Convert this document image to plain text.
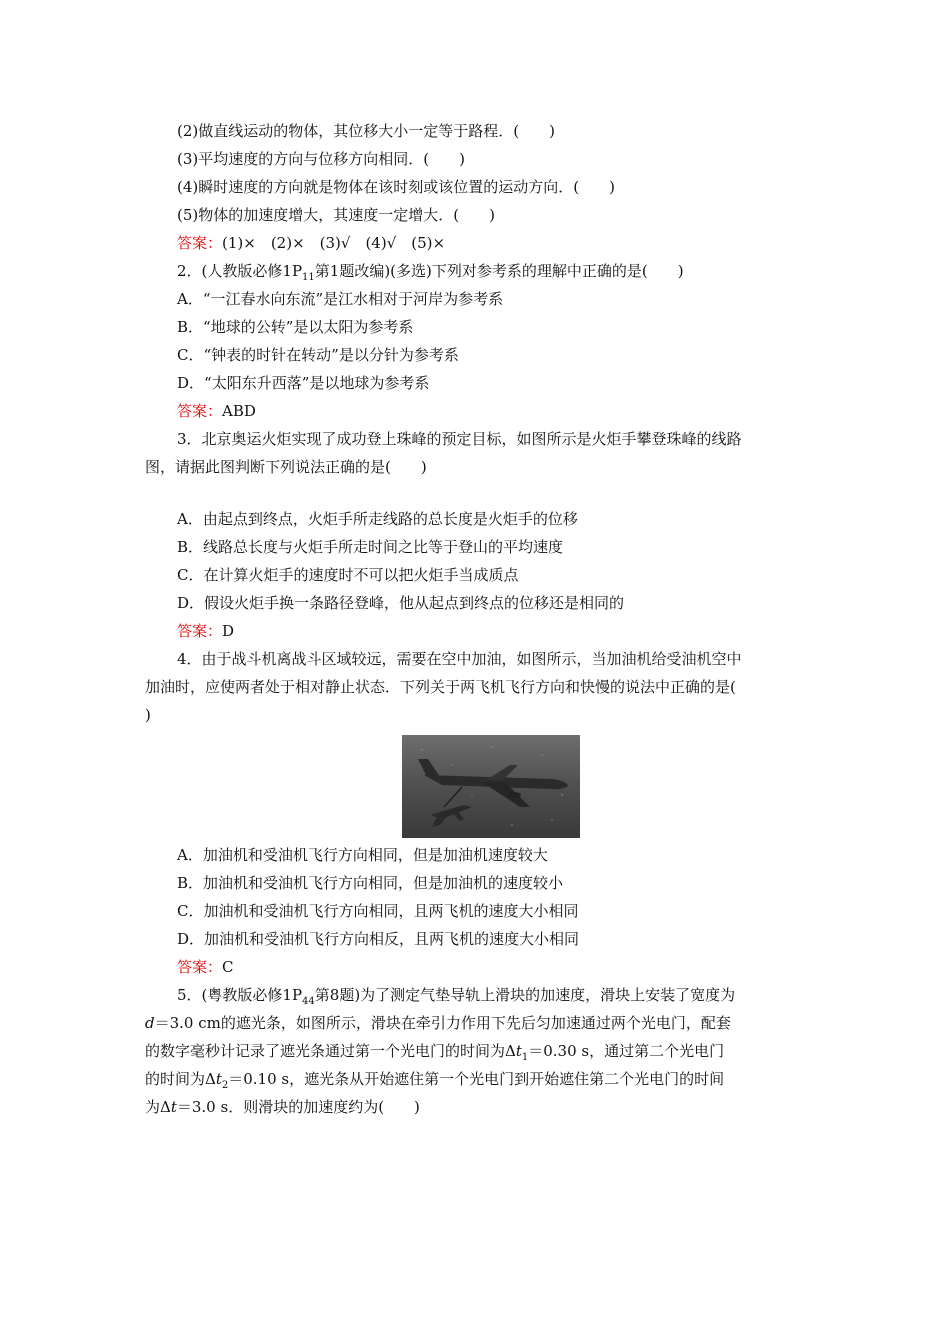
(2)做直线运动的物体，其位移大小一定等于路程．(　　)
(3)平均速度的方向与位移方向相同．(　　)
(4)瞬时速度的方向就是物体在该时刻或该位置的运动方向．(　　)
(5)物体的加速度增大，其速度一定增大．(　　)
答案：(1)×　(2)×　(3)√　(4)√　(5)×
2．(人教版必修$1P_{11}$第1题改编)(多选)下列对参考系的理解中正确的是(　　)
A．“一江春水向东流”是江水相对于河岸为参考系
B．“地球的公转”是以太阳为参考系
C．“钟表的时针在转动”是以分针为参考系
D．“太阳东升西落”是以地球为参考系
答案：ABD
3．北京奥运火炬实现了成功登上珠峰的预定目标，如图所示是火炬手攀登珠峰的线路
图，请据此图判断下列说法正确的是(　　)
A．由起点到终点，火炬手所走线路的总长度是火炬手的位移
B．线路总长度与火炬手所走时间之比等于登山的平均速度
C．在计算火炬手的速度时不可以把火炬手当成质点
D．假设火炬手换一条路径登峰，他从起点到终点的位移还是相同的
答案：D
4．由于战斗机离战斗区域较远，需要在空中加油，如图所示，当加油机给受油机空中
加油时，应使两者处于相对静止状态．下列关于两飞机飞行方向和快慢的说法中正确的是(
)
A．加油机和受油机飞行方向相同，但是加油机速度较大
B．加油机和受油机飞行方向相同，但是加油机的速度较小
C．加油机和受油机飞行方向相同，且两飞机的速度大小相同
D．加油机和受油机飞行方向相反，且两飞机的速度大小相同
答案：C
5．(粤教版必修$1P_{44}$第8题)为了测定气垫导轨上滑块的加速度，滑块上安装了宽度为
d＝3.0 cm的遮光条，如图所示，滑块在牵引力作用下先后匀加速通过两个光电门，配套
的数字毫秒计记录了遮光条通过第一个光电门的时间为$\Delta t_1=0.30$ s，通过第二个光电门
的时间为$\Delta t_2=0.10$ s，遮光条从开始遮住第一个光电门到开始遮住第二个光电门的时间
为Δt＝3.0 s．则滑块的加速度约为(　　)
